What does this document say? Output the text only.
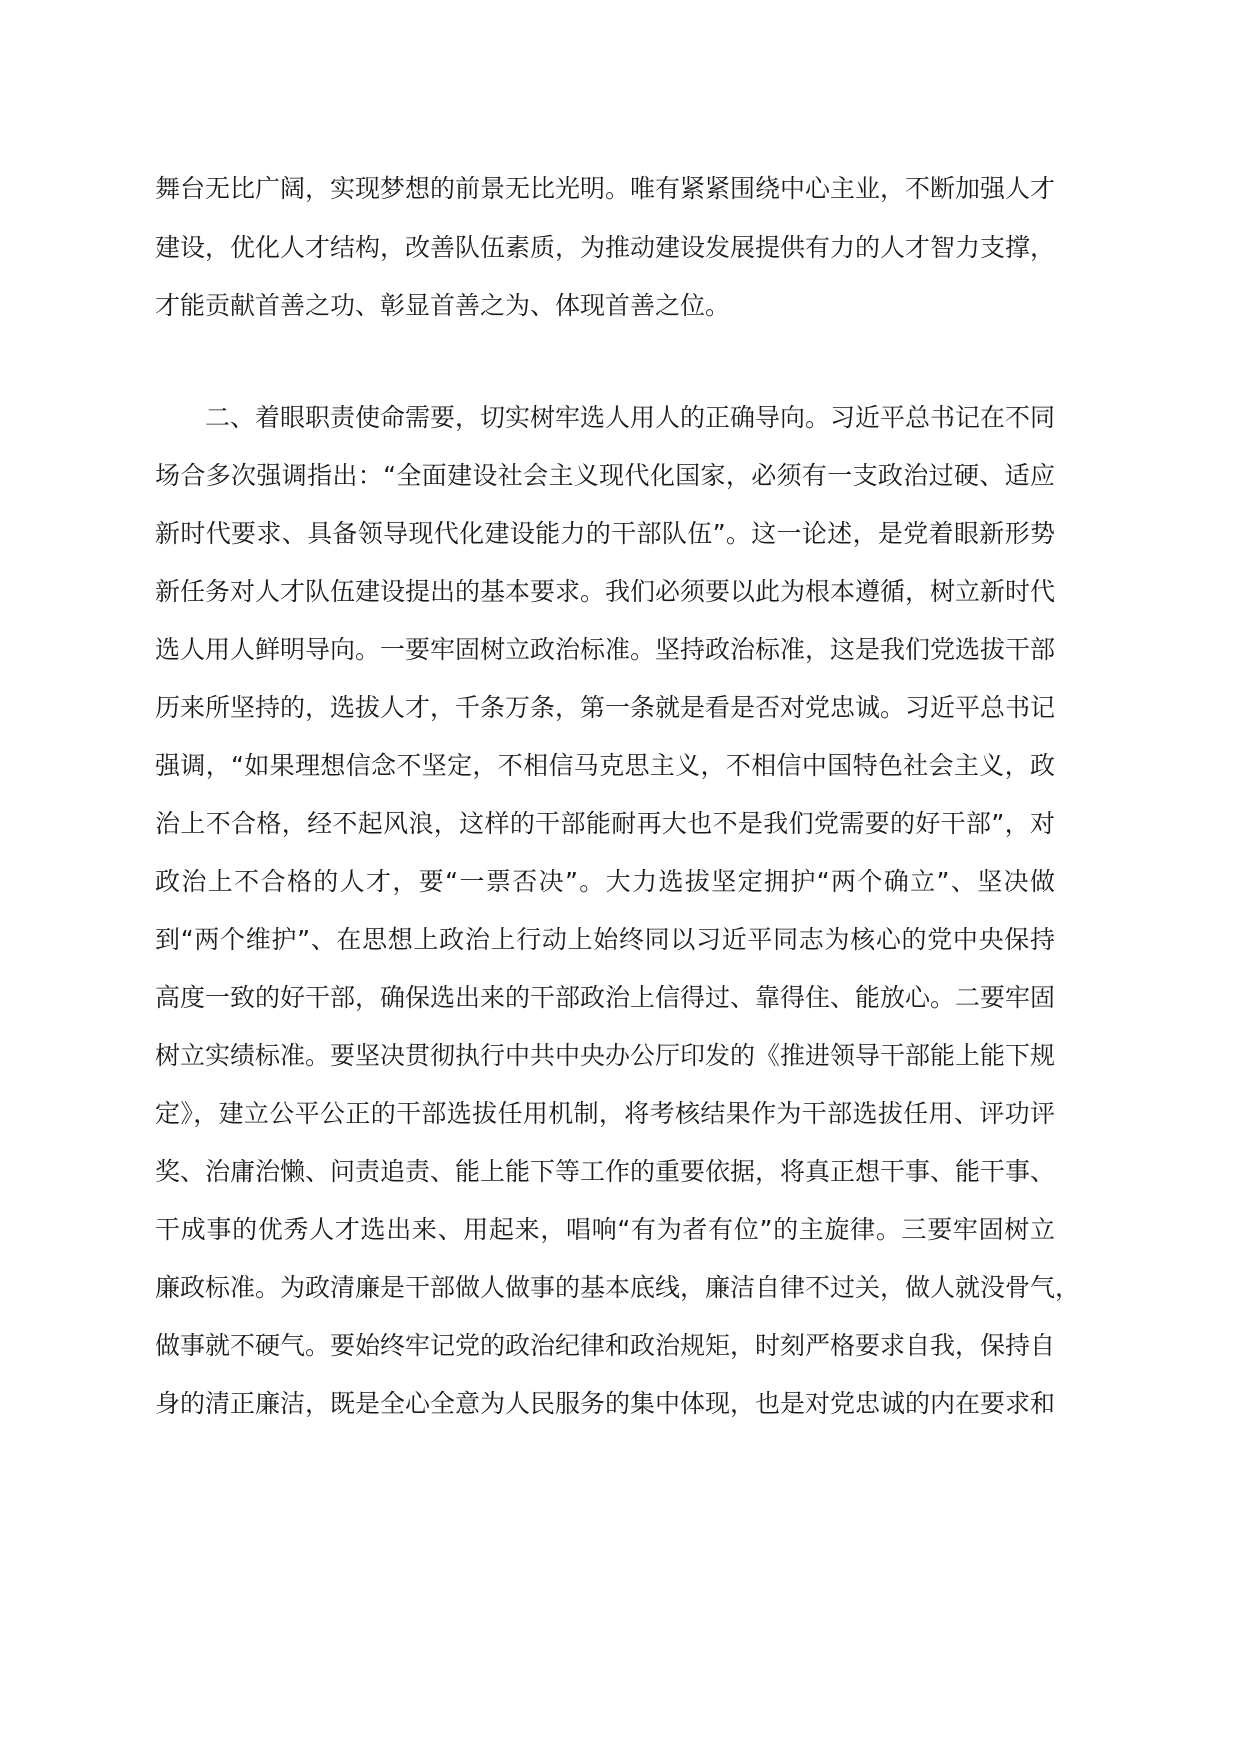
舞台无比广阔，实现梦想的前景无比光明。唯有紧紧围绕中心主业，不断加强人才
建设，优化人才结构，改善队伍素质，为推动建设发展提供有力的人才智力支撑，
才能贡献首善之功、彰显首善之为、体现首善之位。
二、着眼职责使命需要，切实树牢选人用人的正确导向。习近平总书记在不同
场合多次强调指出：“全面建设社会主义现代化国家，必须有一支政治过硬、适应
新时代要求、具备领导现代化建设能力的干部队伍”。这一论述，是党着眼新形势
新任务对人才队伍建设提出的基本要求。我们必须要以此为根本遵循，树立新时代
选人用人鲜明导向。一要牢固树立政治标准。坚持政治标准，这是我们党选拔干部
历来所坚持的，选拔人才，千条万条，第一条就是看是否对党忠诚。习近平总书记
强调，“如果理想信念不坚定，不相信马克思主义，不相信中国特色社会主义，政
治上不合格，经不起风浪，这样的干部能耐再大也不是我们党需要的好干部”，对
政治上不合格的人才，要“一票否决”。大力选拔坚定拥护“两个确立”、坚决做
到“两个维护”、在思想上政治上行动上始终同以习近平同志为核心的党中央保持
高度一致的好干部，确保选出来的干部政治上信得过、靠得住、能放心。二要牢固
树立实绩标准。要坚决贯彻执行中共中央办公厅印发的《推进领导干部能上能下规
定》，建立公平公正的干部选拔任用机制，将考核结果作为干部选拔任用、评功评
奖、治庸治懒、问责追责、能上能下等工作的重要依据，将真正想干事、能干事、
干成事的优秀人才选出来、用起来，唱响“有为者有位”的主旋律。三要牢固树立
廉政标准。为政清廉是干部做人做事的基本底线，廉洁自律不过关，做人就没骨气，
做事就不硬气。要始终牢记党的政治纪律和政治规矩，时刻严格要求自我，保持自
身的清正廉洁，既是全心全意为人民服务的集中体现，也是对党忠诚的内在要求和
